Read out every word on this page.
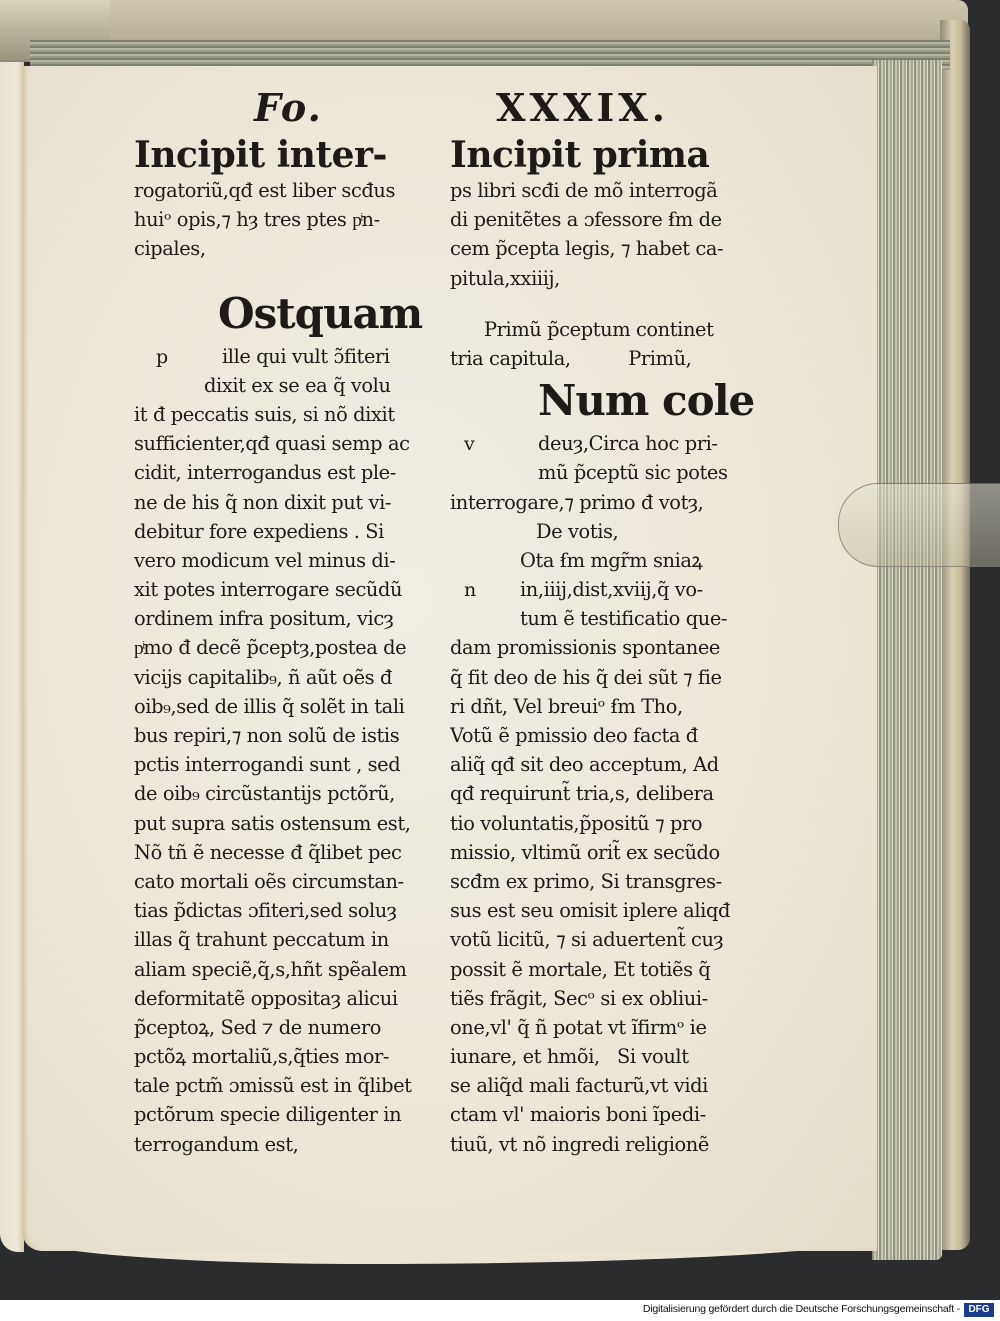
Fo.
Incipit inter-
rogatoriũ,qđ est liber scđus
huiᵒ opis,⁊ hȝ tres ptes pͥn-
cipales,
Ostquam
p	ille qui vult ɔ̃fiteri
dixit ex se ea q̃ volu
it đ peccatis suis, si nõ dixit
sufficienter,qđ quasi semp ac
cidit, interrogandus est ple-
ne de his q̃ non dixit put vi-
debitur fore expediens . Si
vero modicum vel minus di-
xit potes interrogare secũdũ
ordinem infra positum, vicȝ
pͥmo đ decẽ p̃ceptȝ,postea de
vicijs capitalib₉, ñ aũt oẽs đ
oib₉,sed de illis q̃ solẽt in tali
bus repiri,⁊ non solũ de istis
pctis interrogandi sunt , sed
de oib₉ circũstantijs pctõrũ,
put supra satis ostensum est,
Nõ tñ ẽ necesse đ q̃libet pec
cato mortali oẽs circumstan-
tias p̃dictas ɔfiteri,sed soluȝ
illas q̃ trahunt peccatum in
aliam speciẽ,q̃,s,hñt spẽalem
deformitatẽ oppositaȝ alicui
p̃ceptoꝝ, Sed ⁊ de numero
pctõꝝ mortaliũ,s,q̃ties mor-
tale pctm̃ ɔmissũ est in q̃libet
pctõrum specie diligenter in
terrogandum est,
XXXIX.
Incipit prima
ps libri scđi de mõ interrogã
di penitẽtes a ɔfessore ẜm de
cem p̃cepta legis, ⁊ habet ca-
pitula,xxiiij,
Primũ p̃ceptum continet
tria capitula,          Primũ,
Num cole
v	deuȝ,Circa hoc pri-
mũ p̃ceptũ sic potes
interrogare,⁊ primo đ votȝ,
De votis,
Ota ẜm mgr̃m sniaꝝ
n in,iiij,dist,xviij,q̃ vo-
tum ẽ testificatio que-
dam promissionis spontanee
q̃ fit deo de his q̃ dei sũt ⁊ fie
ri dñt, Vel breuiᵒ ẜm Tho,
Votũ ẽ pmissio deo facta đ
aliq̃ qđ sit deo acceptum, Ad
qđ requirunt̃ tria,s, delibera
tio voluntatis,p̃positũ ⁊ pro
missio, vltimũ orit̃ ex secũdo
scđm ex primo, Si transgres-
sus est seu omisit iplere aliqđ
votũ licitũ, ⁊ si aduertent̃ cuȝ
possit ẽ mortale, Et totiẽs q̃
tiẽs frãgit, Secᵒ si ex obliui-
one,vl' q̃ ñ potat vt ĩfirmᵒ ie
iunare, et hmõi,   Si voult
se aliq̃d mali facturũ,vt vidi
ctam vl' maioris boni ĩpedi-
tiuũ, vt nõ ingredi religionẽ
Digitalisierung gefördert durch die Deutsche Forschungsgemeinschaft - DFG
